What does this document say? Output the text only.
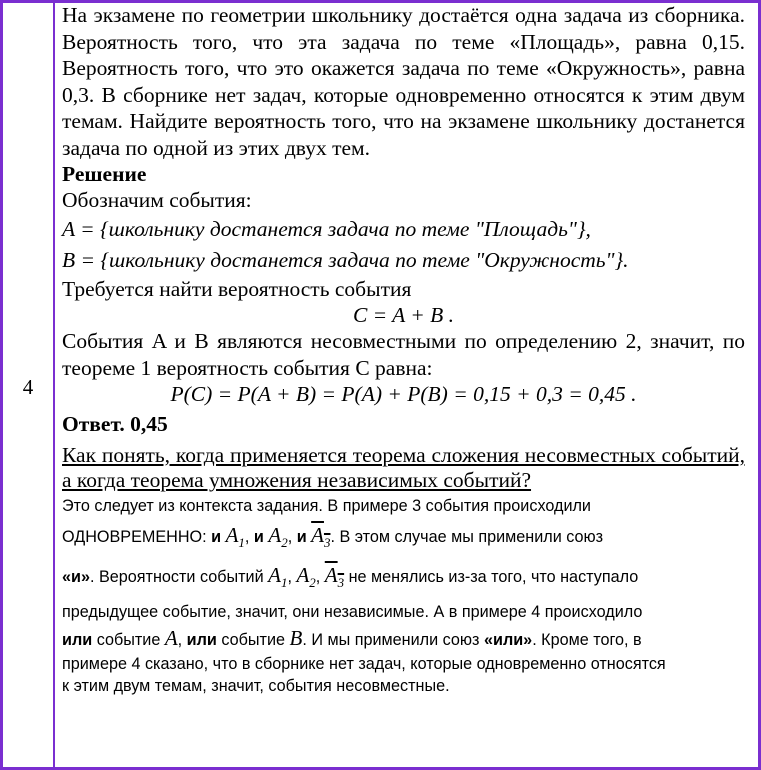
4

На экзамене по геометрии школьнику достаётся одна задача из сборника. Вероятность того, что эта задача по теме «Площадь», равна 0,15. Вероятность того, что это окажется задача по теме «Окружность», равна 0,3. В сборнике нет задач, которые одновременно относятся к этим двум темам. Найдите вероятность того, что на экзамене школьнику достанется задача по одной из этих двух тем.

Решение

Обозначим события:

A = {школьнику достанется задача по теме "Площадь"},

B = {школьнику достанется задача по теме "Окружность"}.

Требуется найти вероятность события

C = A + B .

События A и B являются несовместными по определению 2, значит, по теореме 1 вероятность события C равна:

P(C) = P(A + B) = P(A) + P(B) = 0,15 + 0,3 = 0,45 .

Ответ. 0,45

Как понять, когда применяется теорема сложения несовместных событий, а когда теорема умножения независимых событий?

Это следует из контекста задания. В примере 3 события происходили

ОДНОВРЕМЕННО: и $A_1$, и $A_2$, и $A_3$. В этом случае мы применили союз

«и». Вероятности событий $A_1$, $A_2$, $A_3$ не менялись из-за того, что наступало

предыдущее событие, значит, они независимые. А в примере 4 происходило

или событие A, или событие B. И мы применили союз «или». Кроме того, в

примере 4 сказано, что в сборнике нет задач, которые одновременно относятся

к этим двум темам, значит, события несовместные.
